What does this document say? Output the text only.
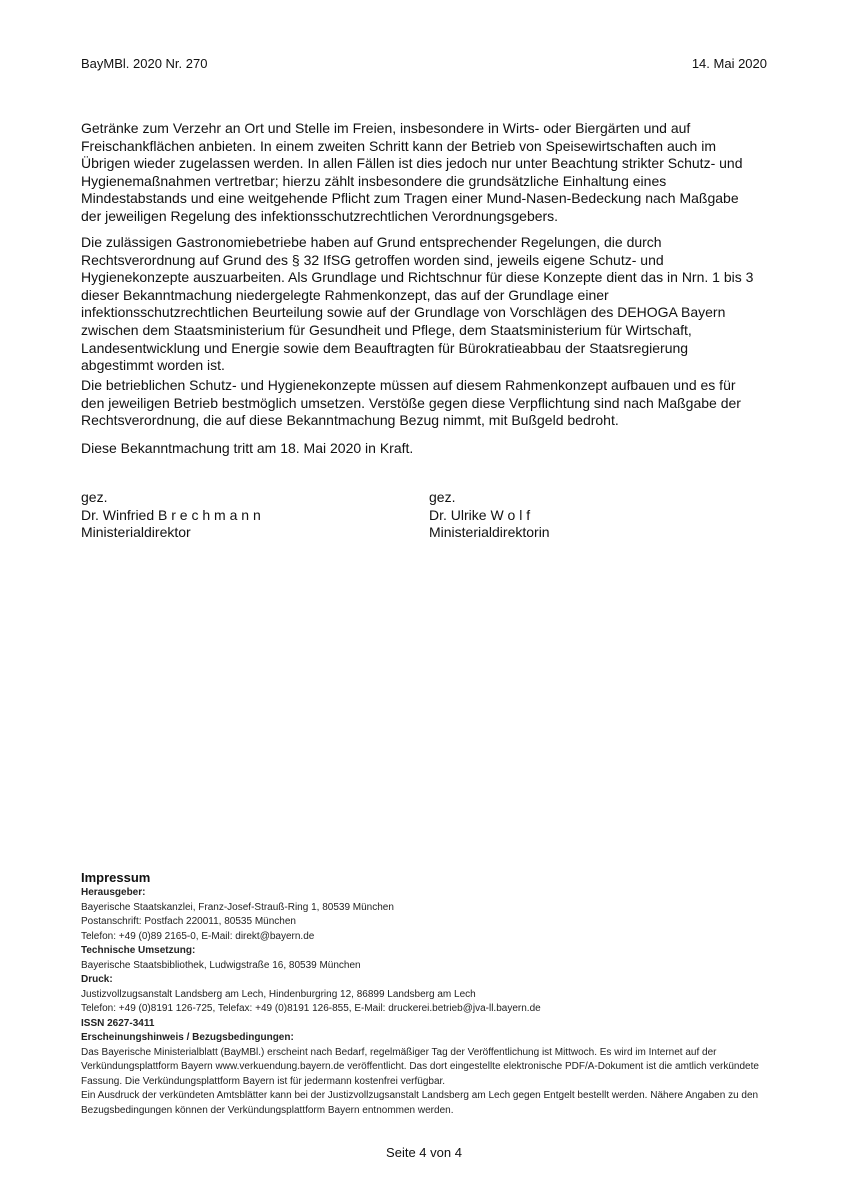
BayMBl. 2020 Nr. 270	14. Mai 2020
Getränke zum Verzehr an Ort und Stelle im Freien, insbesondere in Wirts- oder Biergärten und auf
Freischankflächen anbieten. In einem zweiten Schritt kann der Betrieb von Speisewirtschaften auch im
Übrigen wieder zugelassen werden. In allen Fällen ist dies jedoch nur unter Beachtung strikter Schutz- und
Hygienemaßnahmen vertretbar; hierzu zählt insbesondere die grundsätzliche Einhaltung eines
Mindestabstands und eine weitgehende Pflicht zum Tragen einer Mund-Nasen-Bedeckung nach Maßgabe
der jeweiligen Regelung des infektionsschutzrechtlichen Verordnungsgebers.
Die zulässigen Gastronomiebetriebe haben auf Grund entsprechender Regelungen, die durch
Rechtsverordnung auf Grund des § 32 IfSG getroffen worden sind, jeweils eigene Schutz- und
Hygienekonzepte auszuarbeiten. Als Grundlage und Richtschnur für diese Konzepte dient das in Nrn. 1 bis 3
dieser Bekanntmachung niedergelegte Rahmenkonzept, das auf der Grundlage einer
infektionsschutzrechtlichen Beurteilung sowie auf der Grundlage von Vorschlägen des DEHOGA Bayern
zwischen dem Staatsministerium für Gesundheit und Pflege, dem Staatsministerium für Wirtschaft,
Landesentwicklung und Energie sowie dem Beauftragten für Bürokratieabbau der Staatsregierung
abgestimmt worden ist.
Die betrieblichen Schutz- und Hygienekonzepte müssen auf diesem Rahmenkonzept aufbauen und es für
den jeweiligen Betrieb bestmöglich umsetzen. Verstöße gegen diese Verpflichtung sind nach Maßgabe der
Rechtsverordnung, die auf diese Bekanntmachung Bezug nimmt, mit Bußgeld bedroht.
Diese Bekanntmachung tritt am 18. Mai 2020 in Kraft.
gez.
Dr. Winfried B r e c h m a n n
Ministerialdirektor
gez.
Dr. Ulrike W o l f
Ministerialdirektorin
Impressum
Herausgeber:
Bayerische Staatskanzlei, Franz-Josef-Strauß-Ring 1, 80539 München
Postanschrift: Postfach 220011, 80535 München
Telefon: +49 (0)89 2165-0, E-Mail: direkt@bayern.de
Technische Umsetzung:
Bayerische Staatsbibliothek, Ludwigstraße 16, 80539 München
Druck:
Justizvollzugsanstalt Landsberg am Lech, Hindenburgring 12, 86899 Landsberg am Lech
Telefon: +49 (0)8191 126-725, Telefax: +49 (0)8191 126-855, E-Mail: druckerei.betrieb@jva-ll.bayern.de
ISSN 2627-3411
Erscheinungshinweis / Bezugsbedingungen:
Das Bayerische Ministerialblatt (BayMBl.) erscheint nach Bedarf, regelmäßiger Tag der Veröffentlichung ist Mittwoch. Es wird im Internet auf der
Verkündungsplattform Bayern www.verkuendung.bayern.de veröffentlicht. Das dort eingestellte elektronische PDF/A-Dokument ist die amtlich verkündete
Fassung. Die Verkündungsplattform Bayern ist für jedermann kostenfrei verfügbar.
Ein Ausdruck der verkündeten Amtsblätter kann bei der Justizvollzugsanstalt Landsberg am Lech gegen Entgelt bestellt werden. Nähere Angaben zu den
Bezugsbedingungen können der Verkündungsplattform Bayern entnommen werden.
Seite 4 von 4
